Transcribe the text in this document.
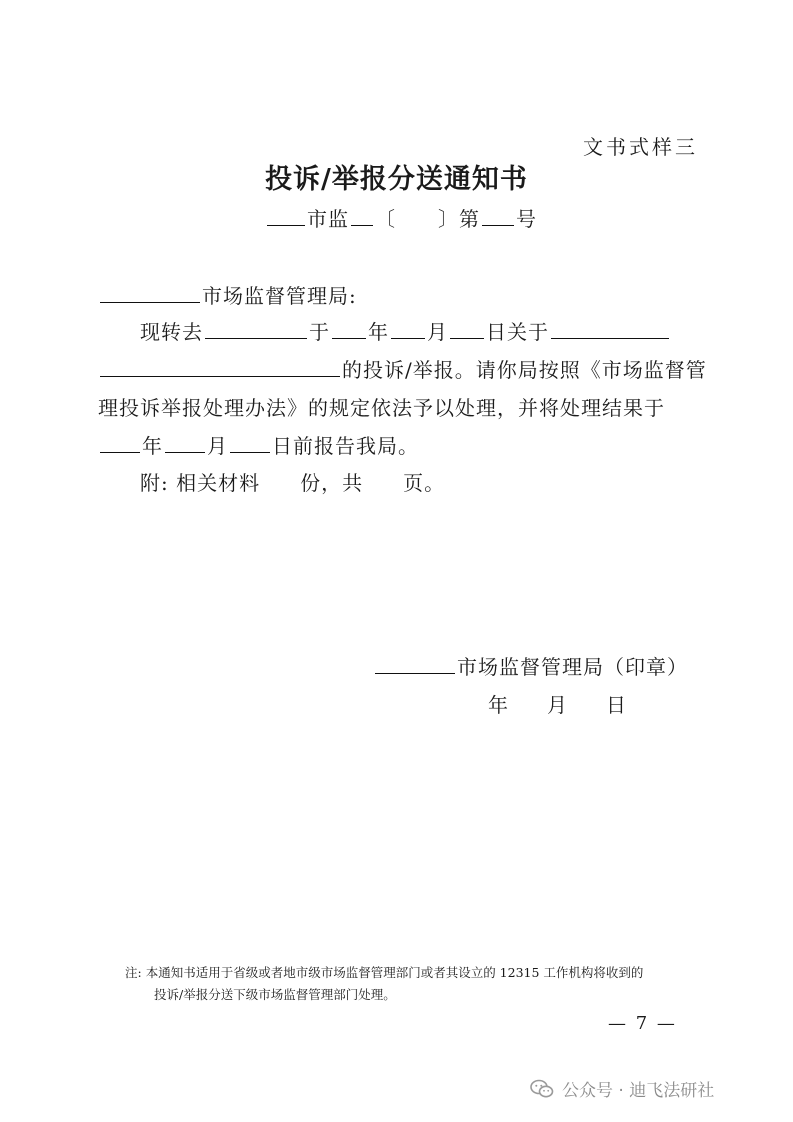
文书式样三
投诉/举报分送通知书
市监 〔 〕第 号
市场监督管理局:
现转去	于 年 月 日关于
的投诉/举报。请你局按照《市场监督管
理投诉举报处理办法》的规定依法予以处理，并将处理结果于
年 月 日前报告我局。
附: 相关材料 份，共 页。
市场监督管理局（印章）
年 月 日
注: 本通知书适用于省级或者地市级市场监督管理部门或者其设立的 12315 工作机构将收到的
投诉/举报分送下级市场监督管理部门处理。
— 7 —
公众号 · 迪飞法研社
